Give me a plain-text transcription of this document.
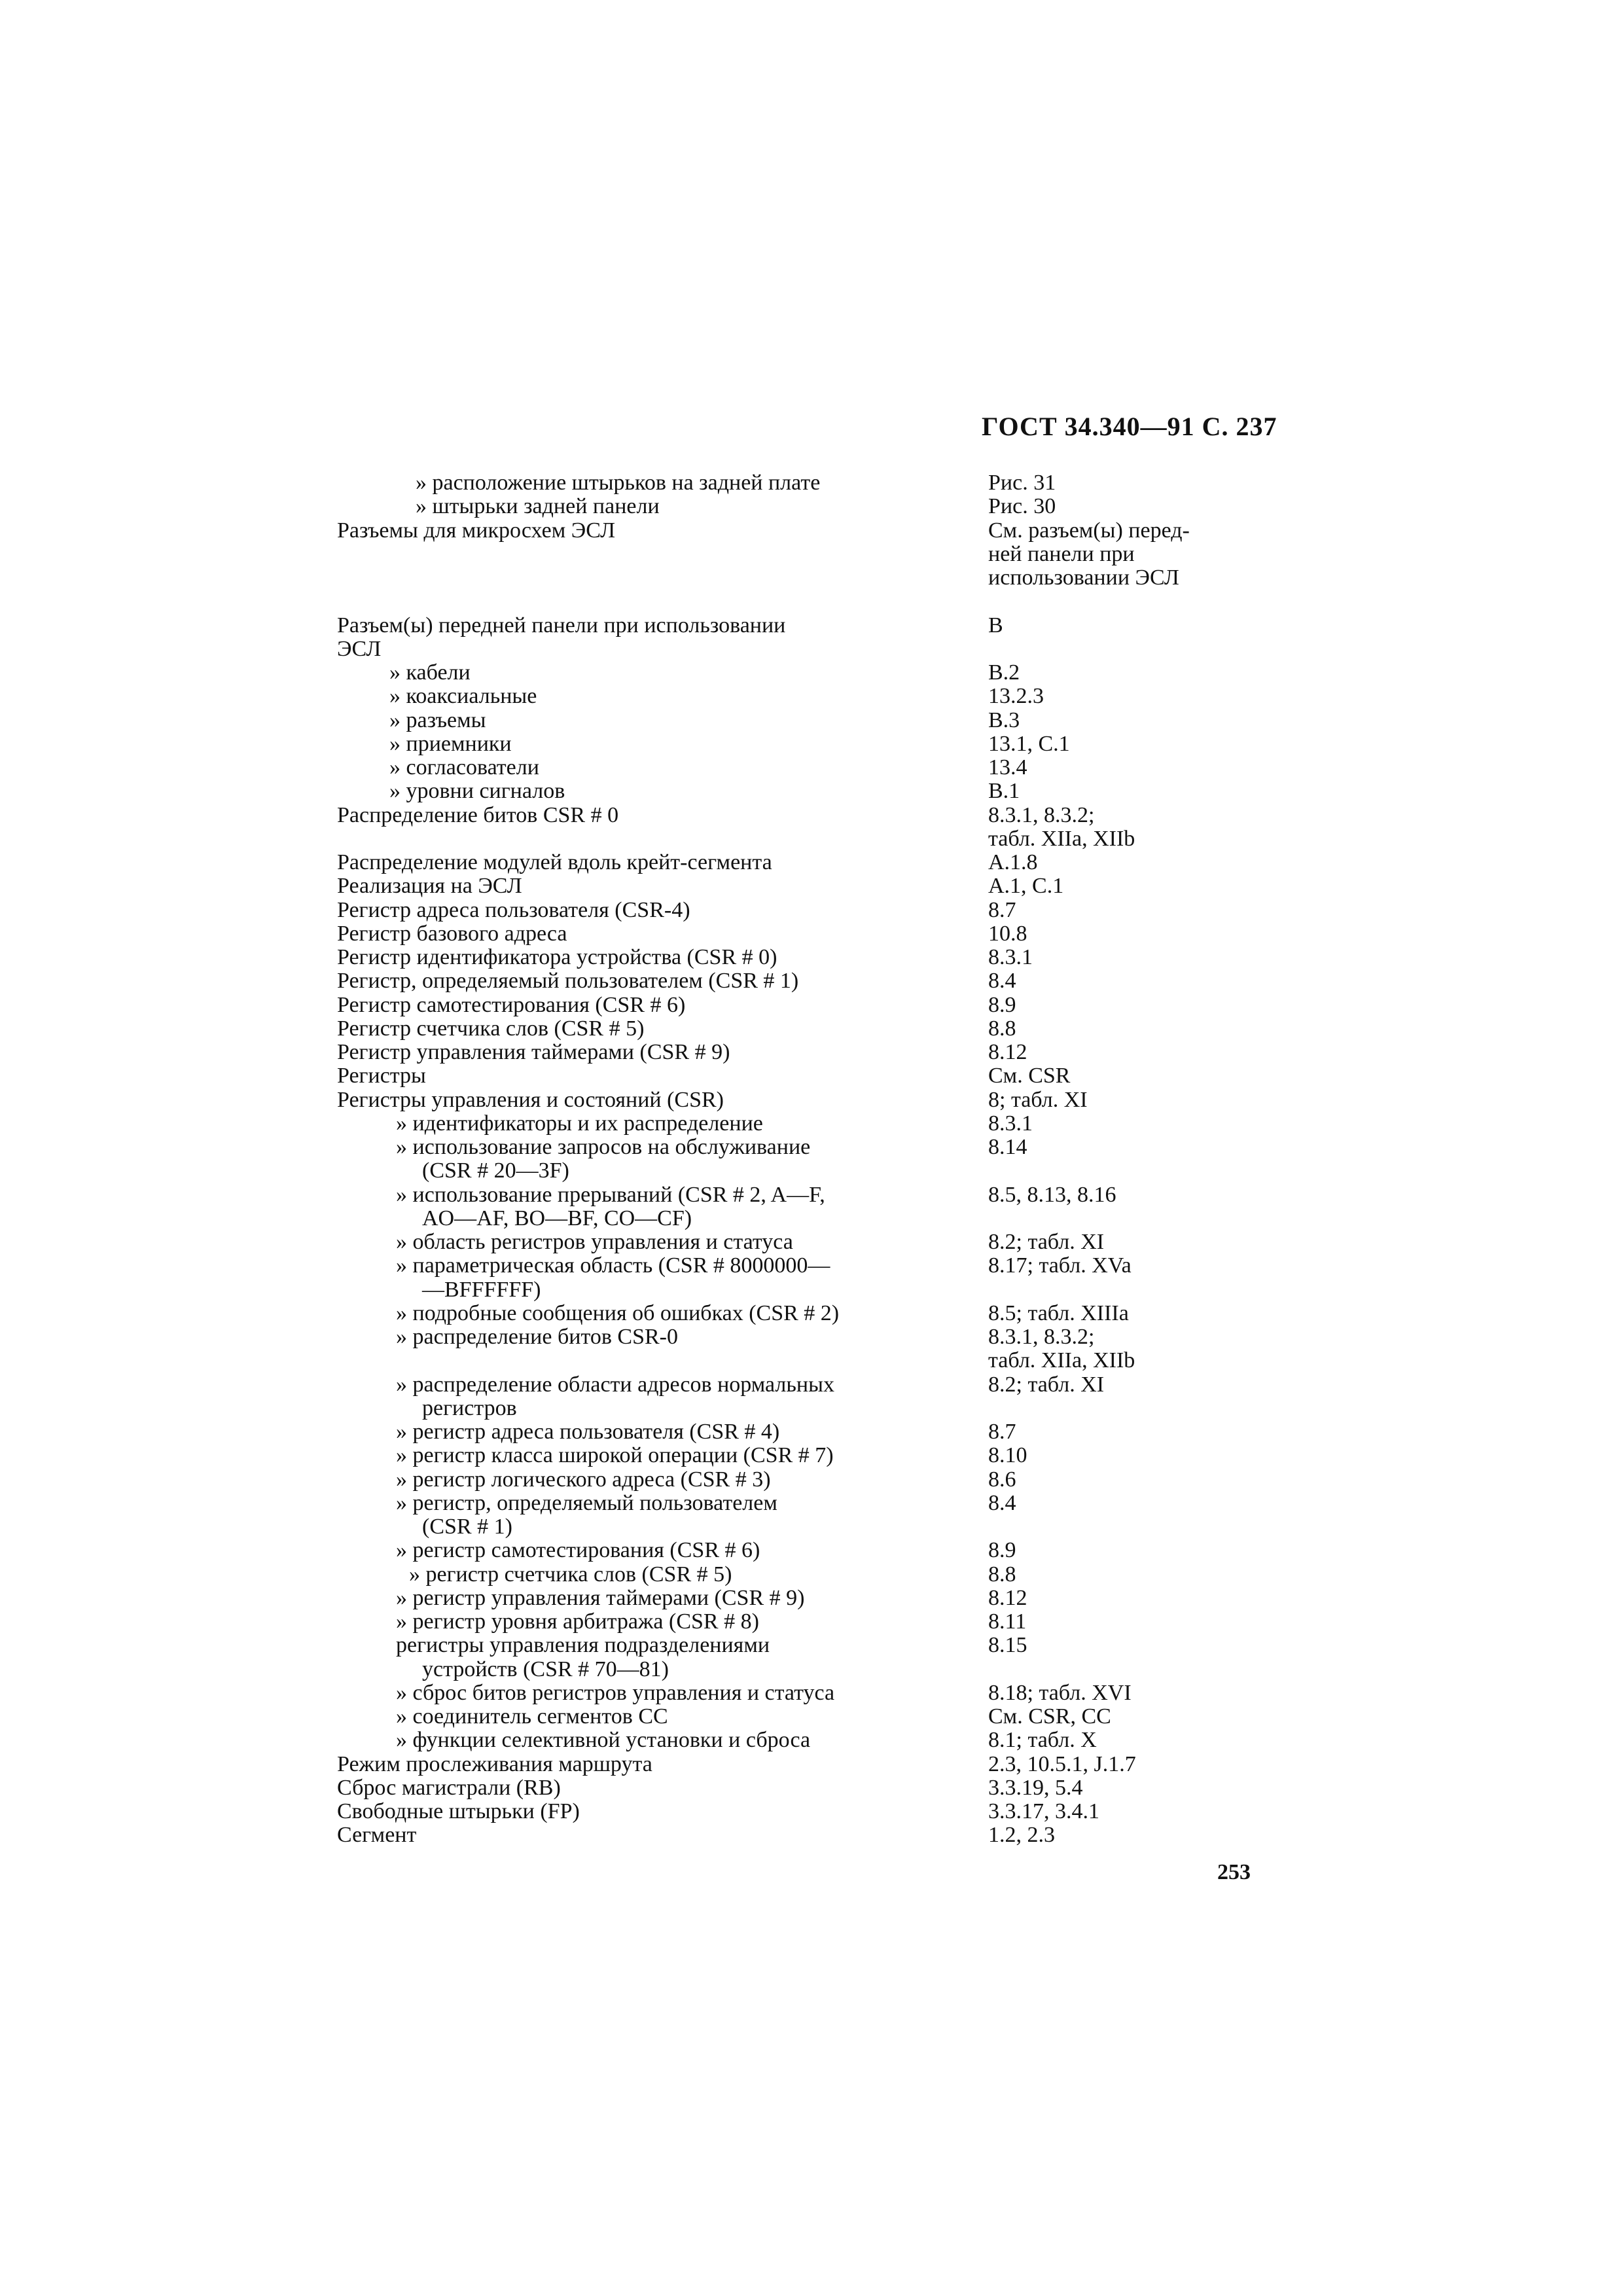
ГОСТ 34.340—91 С. 237
» расположение штырьков на задней плате	Рис. 31
» штырьки задней панели	Рис. 30
Разъемы для микросхем ЭСЛ	См. разъем(ы) перед-
ней панели при
использовании ЭСЛ
Разъем(ы) передней панели при использовании	В
ЭСЛ
» кабели	В.2
» коаксиальные	13.2.3
» разъемы	В.3
» приемники	13.1, С.1
» согласователи	13.4
» уровни сигналов	В.1
Распределение битов CSR # 0	8.3.1, 8.3.2;
табл. XIIa, XIIb
Распределение модулей вдоль крейт-сегмента	А.1.8
Реализация на ЭСЛ	А.1, С.1
Регистр адреса пользователя (CSR-4)	8.7
Регистр базового адреса	10.8
Регистр идентификатора устройства (CSR # 0)	8.3.1
Регистр, определяемый пользователем (CSR # 1)	8.4
Регистр самотестирования (CSR # 6)	8.9
Регистр счетчика слов (CSR # 5)	8.8
Регистр управления таймерами (CSR # 9)	8.12
Регистры	См. CSR
Регистры управления и состояний (CSR)	8; табл. XI
» идентификаторы и их распределение	8.3.1
» использование запросов на обслуживание	8.14
(CSR # 20—3F)
» использование прерываний (CSR # 2, A—F,	8.5, 8.13, 8.16
AO—AF, BO—BF, CO—CF)
» область регистров управления и статуса	8.2; табл. XI
» параметрическая область (CSR # 8000000—	8.17; табл. XVa
—BFFFFFF)
» подробные сообщения об ошибках (CSR # 2)	8.5; табл. XIIIa
» распределение битов CSR-0	8.3.1, 8.3.2;
табл. XIIa, XIIb
» распределение области адресов нормальных	8.2; табл. XI
регистров
» регистр адреса пользователя (CSR # 4)	8.7
» регистр класса широкой операции (CSR # 7)	8.10
» регистр логического адреса (CSR # 3)	8.6
» регистр, определяемый пользователем	8.4
(CSR # 1)
» регистр самотестирования (CSR # 6)	8.9
» регистр счетчика слов (CSR # 5)	8.8
» регистр управления таймерами (CSR # 9)	8.12
» регистр уровня арбитража (CSR # 8)	8.11
регистры управления подразделениями	8.15
устройств (CSR # 70—81)
» сброс битов регистров управления и статуса	8.18; табл. XVI
» соединитель сегментов СС	См. CSR, СС
» функции селективной установки и сброса	8.1; табл. X
Режим прослеживания маршрута	2.3, 10.5.1, J.1.7
Сброс магистрали (RB)	3.3.19, 5.4
Свободные штырьки (FP)	3.3.17, 3.4.1
Сегмент	1.2, 2.3
253
